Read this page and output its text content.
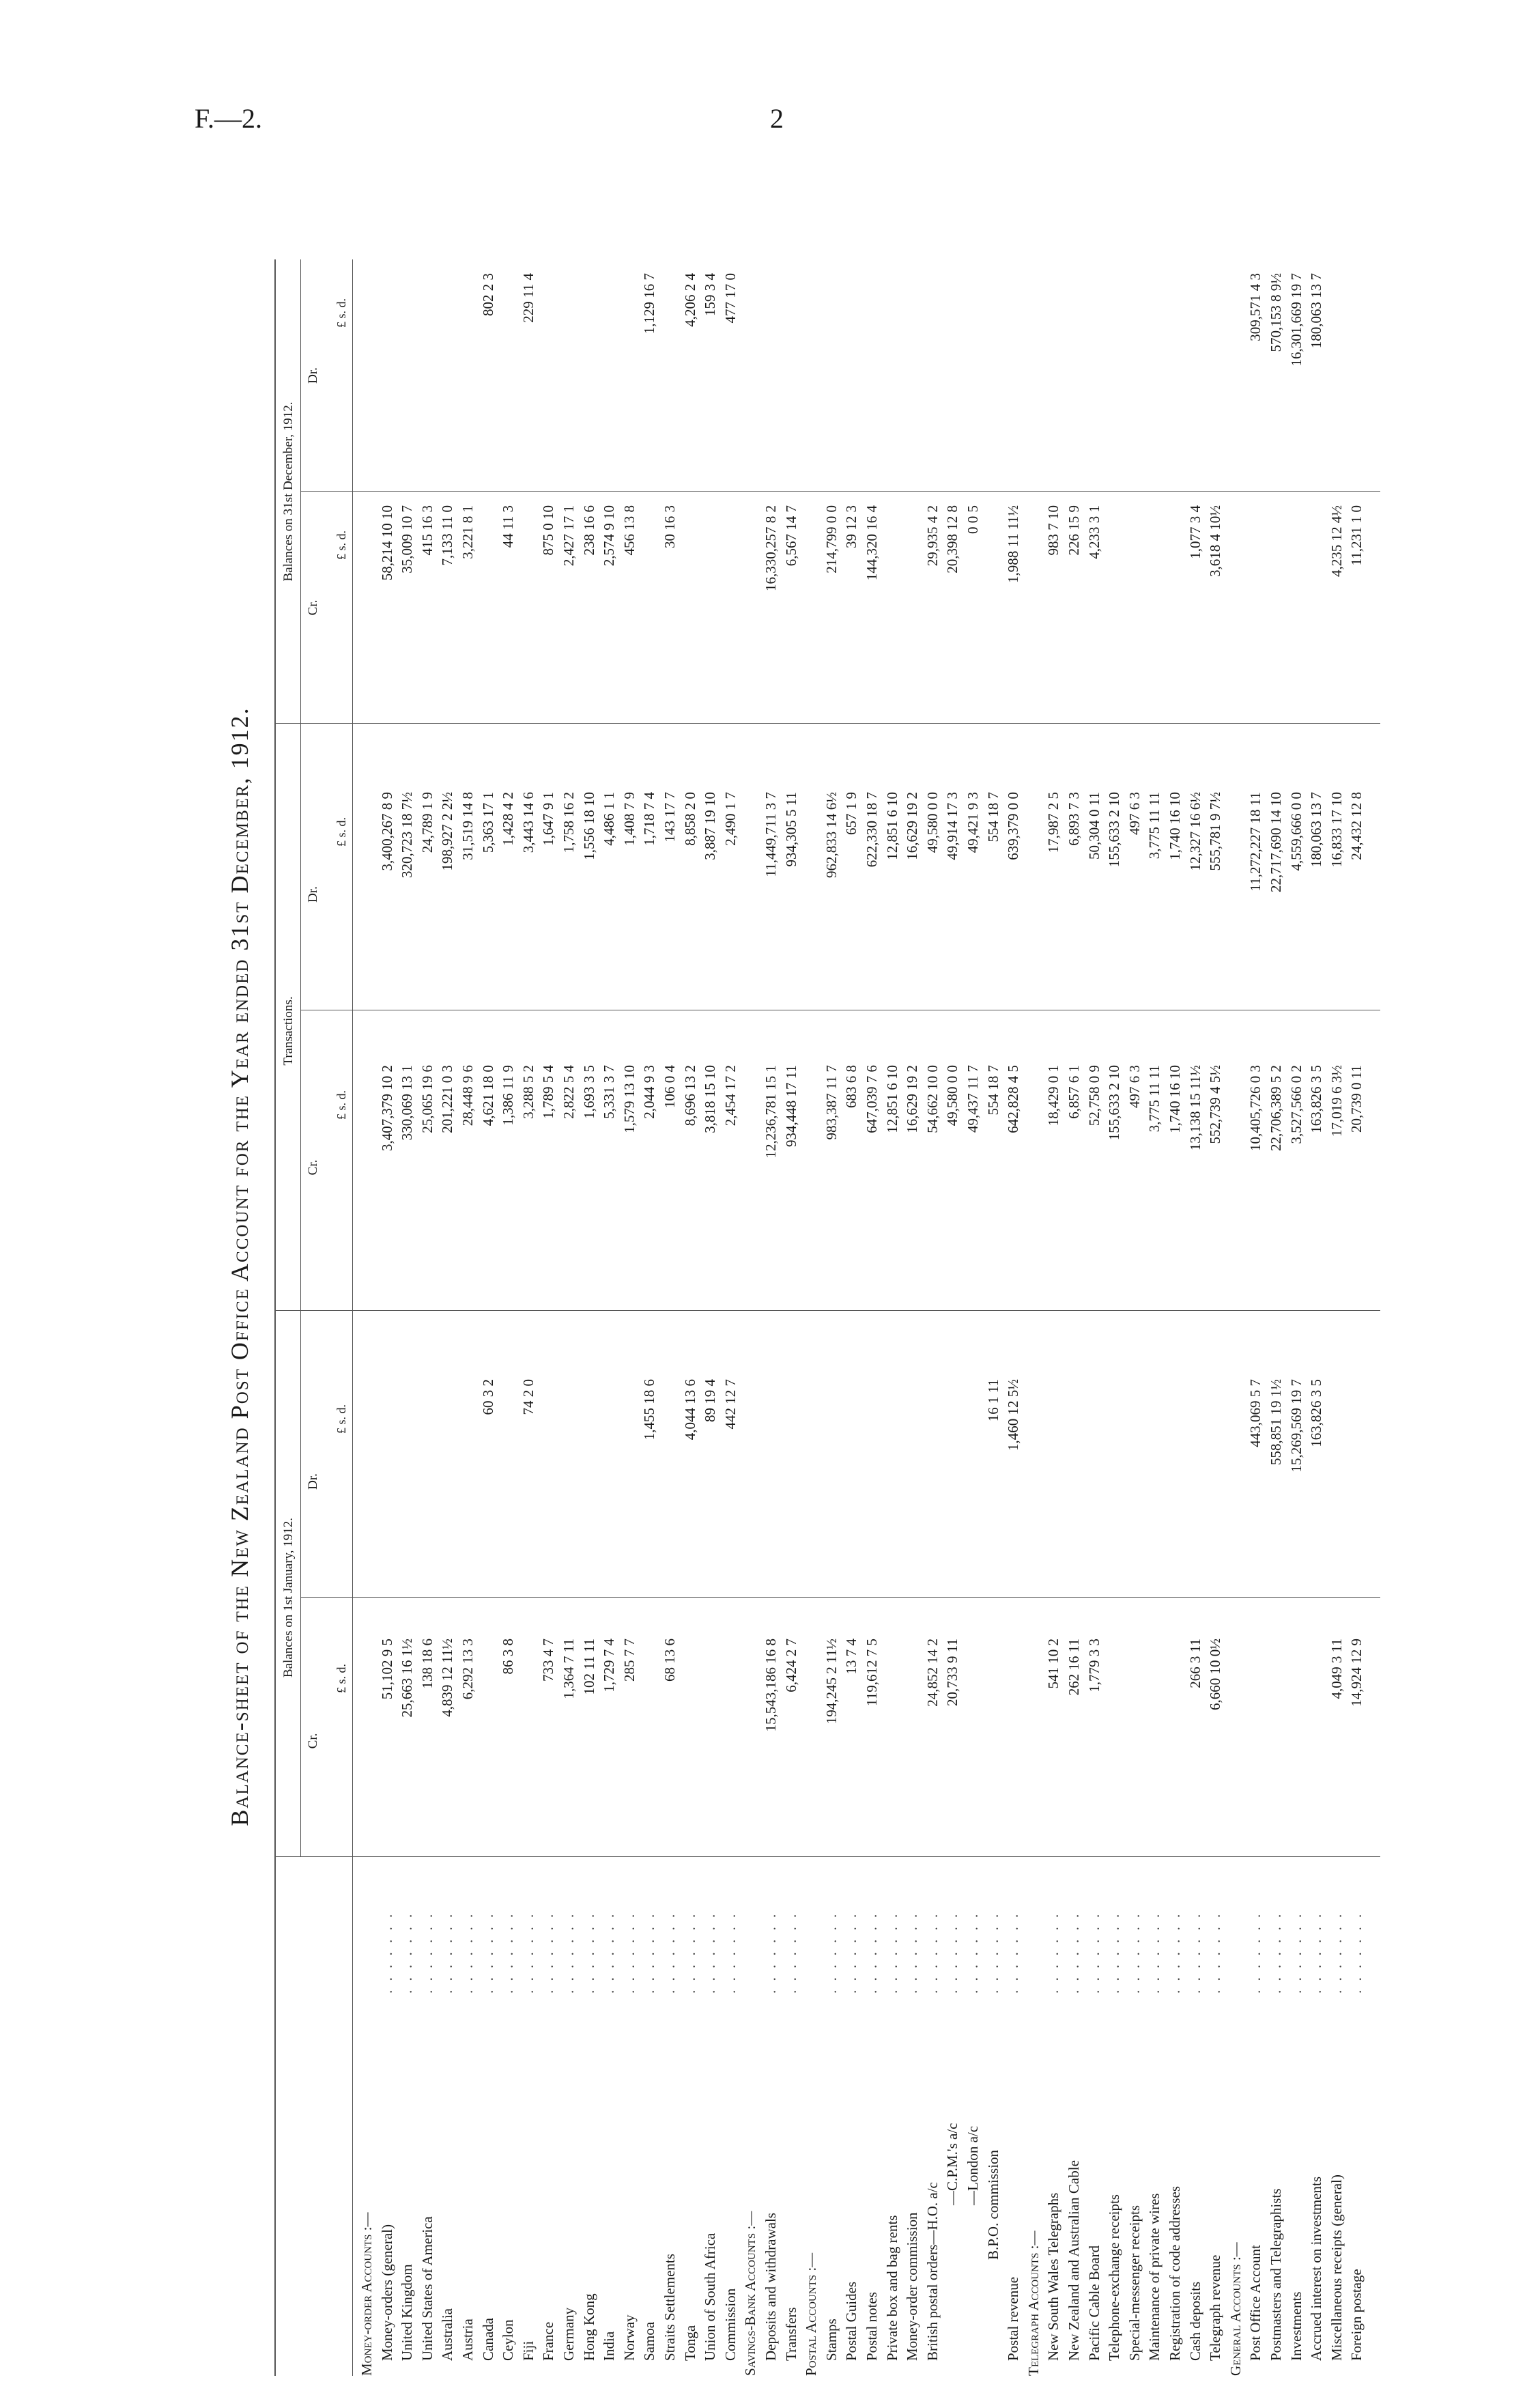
F.—2.	2
Balance-sheet of the New Zealand Post Office Account for the Year ended 31st December, 1912. Balances on 1st January, 1912.
Transactions.
Balances on 31st December, 1912.
Cr.
Dr.
Cr.
Dr.
Cr.
Dr.
£ s. d.
£ s. d.
£ s. d.
£ s. d.
£ s. d.
£ s. d.
Money-order Accounts :— Money-orders (general)
. . . . . . .
51,102 9 5
3,407,379 10 2
3,400,267 8 9
58,214 10 10
United Kingdom
. . . . . . .
25,663 16 1½
330,069 13 1
320,723 18 7½
35,009 10 7
United States of America
. . . . . . .
138 18 6
25,065 19 6
24,789 1 9
415 16 3
Australia
. . . . . . .
4,839 12 11½
201,221 0 3
198,927 2 2½
7,133 11 0
Austria
. . . . . . .
6,292 13 3
28,448 9 6
31,519 14 8
3,221 8 1
Canada
. . . . . . .
60 3 2
4,621 18 0
5,363 17 1
802 2 3
Ceylon
. . . . . . .
86 3 8
1,386 11 9
1,428 4 2
44 11 3
Fiji
. . . . . . .
74 2 0
3,288 5 2
3,443 14 6
229 11 4
France
. . . . . . .
733 4 7
1,789 5 4
1,647 9 1
875 0 10
Germany
. . . . . . .
1,364 7 11
2,822 5 4
1,758 16 2
2,427 17 1
Hong Kong
. . . . . . .
102 11 11
1,693 3 5
1,556 18 10
238 16 6
India
. . . . . . .
1,729 7 4
5,331 3 7
4,486 1 1
2,574 9 10
Norway
. . . . . . .
285 7 7
1,579 13 10
1,408 7 9
456 13 8
Samoa
. . . . . . .
1,455 18 6
2,044 9 3
1,718 7 4
1,129 16 7
Straits Settlements
. . . . . . .
68 13 6
106 0 4
143 17 7
30 16 3
Tonga
. . . . . . .
4,044 13 6
8,696 13 2
8,858 2 0
4,206 2 4
Union of South Africa
. . . . . . .
89 19 4
3,818 15 10
3,887 19 10
159 3 4
Commission
. . . . . . .
442 12 7
2,454 17 2
2,490 1 7
477 17 0
Savings-Bank Accounts :— Deposits and withdrawals
. . . . . . .
15,543,186 16 8
12,236,781 15 1
11,449,711 3 7
16,330,257 8 2
Transfers
. . . . . . .
6,424 2 7
934,448 17 11
934,305 5 11
6,567 14 7
Postal Accounts :— Stamps
. . . . . . .
194,245 2 11½
983,387 11 7
962,833 14 6½
214,799 0 0
Postal Guides
. . . . . . .
13 7 4
683 6 8
657 1 9
39 12 3
Postal notes
. . . . . . .
119,612 7 5
647,039 7 6
622,330 18 7
144,320 16 4
Private box and bag rents
. . . . . . .
12,851 6 10
12,851 6 10
Money-order commission
. . . . . . .
16,629 19 2
16,629 19 2
British postal orders—H.O. a/c
. . . . . . .
24,852 14 2
54,662 10 0
49,580 0 0
29,935 4 2
—C.P.M.'s a/c
. . . . . . .
20,733 9 11
49,580 0 0
49,914 17 3
20,398 12 8
—London a/c
. . . . . . .
49,437 11 7
49,421 9 3
0 0 5
B.P.O. commission
. . . . . . .
16 1 11
554 18 7
554 18 7
Postal revenue
. . . . . . .
1,460 12 5½
642,828 4 5
639,379 0 0
1,988 11 11½
Telegraph Accounts :— New South Wales Telegraphs
. . . . . . .
541 10 2
18,429 0 1
17,987 2 5
983 7 10
New Zealand and Australian Cable
. . . . . . .
262 16 11
6,857 6 1
6,893 7 3
226 15 9
Pacific Cable Board
. . . . . . .
1,779 3 3
52,758 0 9
50,304 0 11
4,233 3 1
Telephone-exchange receipts
. . . . . . .
155,633 2 10
155,633 2 10
Special-messenger receipts
. . . . . . .
497 6 3
497 6 3
Maintenance of private wires
. . . . . . .
3,775 11 11
3,775 11 11
Registration of code addresses
. . . . . . .
1,740 16 10
1,740 16 10
Cash deposits
. . . . . . .
266 3 11
13,138 15 11½
12,327 16 6½
1,077 3 4
Telegraph revenue
. . . . . . .
6,660 10 0½
552,739 4 5½
555,781 9 7½
3,618 4 10½
General Accounts :— Post Office Account
. . . . . . .
443,069 5 7
10,405,726 0 3
11,272,227 18 11
309,571 4 3
Postmasters and Telegraphists
. . . . . . .
558,851 19 1½
22,706,389 5 2
22,717,690 14 10
570,153 8 9½
Investments
. . . . . . .
15,269,569 19 7
3,527,566 0 2
4,559,666 0 0
16,301,669 19 7
Accrued interest on investments
. . . . . . .
163,826 3 5
163,826 3 5
180,063 13 7
180,063 13 7
Miscellaneous receipts (general)
. . . . . . .
4,049 3 11
17,019 6 3½
16,833 17 10
4,235 12 4½
Foreign postage
. . . . . . .
14,924 12 9
20,739 0 11
24,432 12 8
11,231 1 0
